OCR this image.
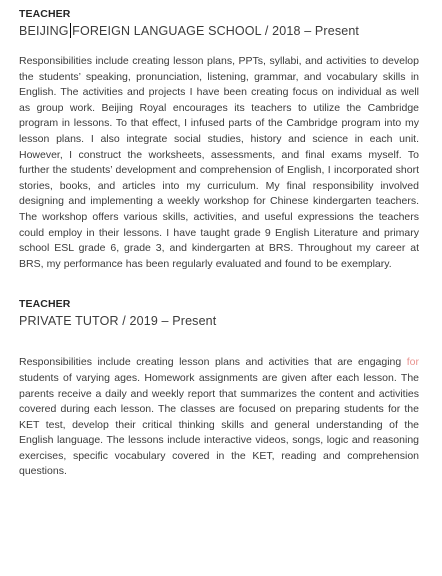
TEACHER
BEIJING FOREIGN LANGUAGE SCHOOL / 2018 – Present
Responsibilities include creating lesson plans, PPTs, syllabi, and activities to develop the students’ speaking, pronunciation, listening, grammar, and vocabulary skills in English. The activities and projects I have been creating focus on individual as well as group work. Beijing Royal encourages its teachers to utilize the Cambridge program in lessons. To that effect, I infused parts of the Cambridge program into my lesson plans. I also integrate social studies, history and science in each unit. However, I construct the worksheets, assessments, and final exams myself. To further the students’ development and comprehension of English, I incorporated short stories, books, and articles into my curriculum. My final responsibility involved designing and implementing a weekly workshop for Chinese kindergarten teachers. The workshop offers various skills, activities, and useful expressions the teachers could employ in their lessons. I have taught grade 9 English Literature and primary school ESL grade 6, grade 3, and kindergarten at BRS. Throughout my career at BRS, my performance has been regularly evaluated and found to be exemplary.
TEACHER
PRIVATE TUTOR / 2019 – Present
Responsibilities include creating lesson plans and activities that are engaging for students of varying ages. Homework assignments are given after each lesson. The parents receive a daily and weekly report that summarizes the content and activities covered during each lesson. The classes are focused on preparing students for the KET test, develop their critical thinking skills and general understanding of the English language. The lessons include interactive videos, songs, logic and reasoning exercises, specific vocabulary covered in the KET, reading and comprehension questions.
